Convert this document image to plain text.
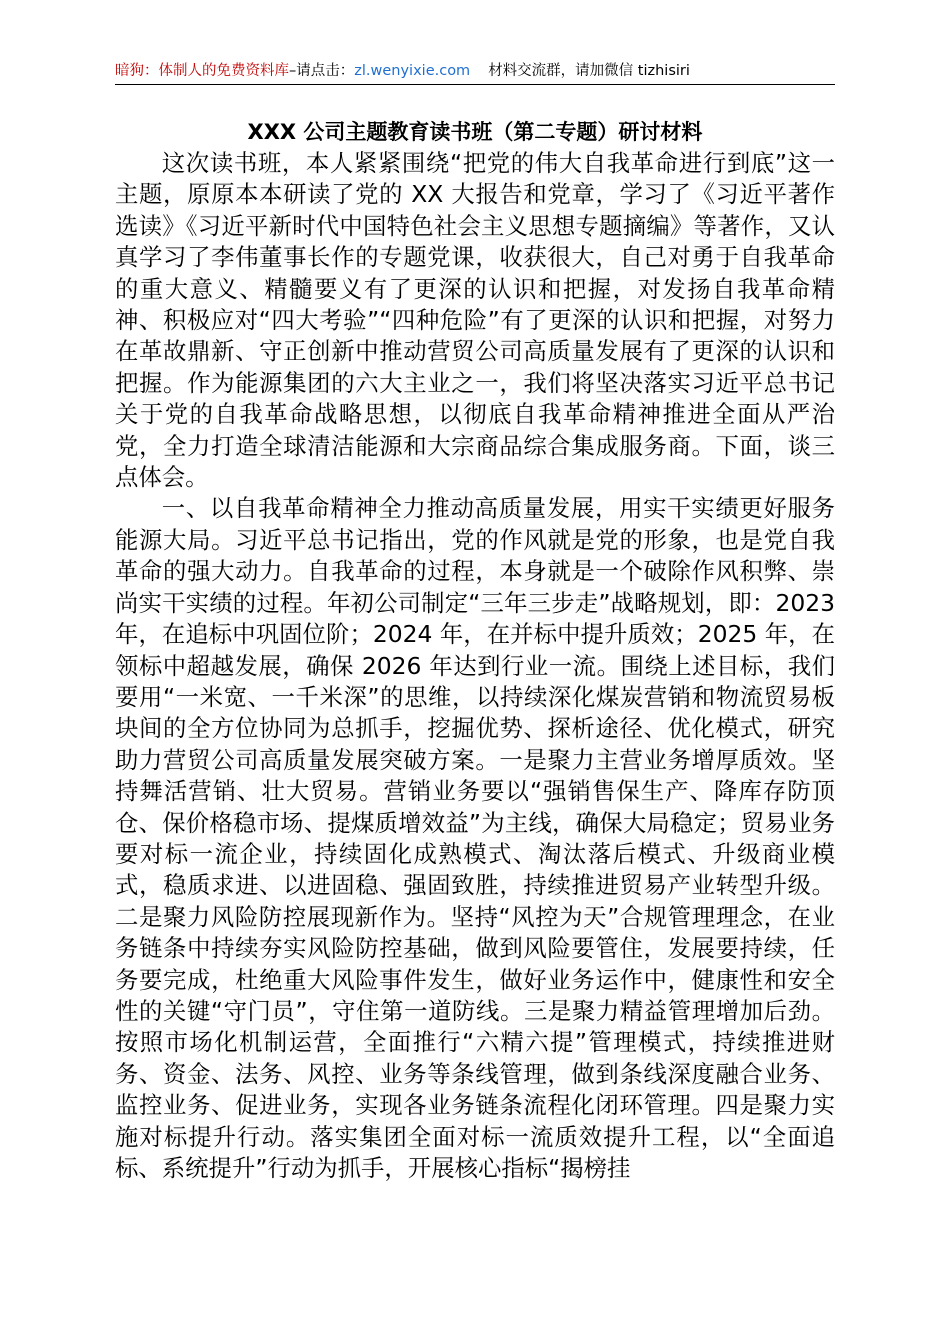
暗狗：体制人的免费资料库–请点击：zl.wenyixie.com 材料交流群，请加微信 tizhisiri
XXX 公司主题教育读书班（第二专题）研讨材料

这次读书班，本人紧紧围绕“把党的伟大自我革命进行到底”这一主题，原原本本研读了党的 XX 大报告和党章，学习了《习近平著作选读》《习近平新时代中国特色社会主义思想专题摘编》等著作，又认真学习了李伟董事长作的专题党课，收获很大，自己对勇于自我革命的重大意义、精髓要义有了更深的认识和把握，对发扬自我革命精神、积极应对“四大考验”“四种危险”有了更深的认识和把握，对努力在革故鼎新、守正创新中推动营贸公司高质量发展有了更深的认识和把握。作为能源集团的六大主业之一，我们将坚决落实习近平总书记关于党的自我革命战略思想，以彻底自我革命精神推进全面从严治党，全力打造全球清洁能源和大宗商品综合集成服务商。下面，谈三点体会。

一、以自我革命精神全力推动高质量发展，用实干实绩更好服务能源大局。习近平总书记指出，党的作风就是党的形象，也是党自我革命的强大动力。自我革命的过程，本身就是一个破除作风积弊、崇尚实干实绩的过程。年初公司制定“三年三步走”战略规划，即：2023 年，在追标中巩固位阶；2024 年，在并标中提升质效；2025 年，在领标中超越发展，确保 2026 年达到行业一流。围绕上述目标，我们要用“一米宽、一千米深”的思维，以持续深化煤炭营销和物流贸易板块间的全方位协同为总抓手，挖掘优势、探析途径、优化模式，研究助力营贸公司高质量发展突破方案。一是聚力主营业务增厚质效。坚持舞活营销、壮大贸易。营销业务要以“强销售保生产、降库存防顶仓、保价格稳市场、提煤质增效益”为主线，确保大局稳定；贸易业务要对标一流企业，持续固化成熟模式、淘汰落后模式、升级商业模式，稳质求进、以进固稳、强固致胜，持续推进贸易产业转型升级。二是聚力风险防控展现新作为。坚持“风控为天”合规管理理念，在业务链条中持续夯实风险防控基础，做到风险要管住，发展要持续，任务要完成，杜绝重大风险事件发生，做好业务运作中，健康性和安全性的关键“守门员”，守住第一道防线。三是聚力精益管理增加后劲。按照市场化机制运营，全面推行“六精六提”管理模式，持续推进财务、资金、法务、风控、业务等条线管理，做到条线深度融合业务、监控业务、促进业务，实现各业务链条流程化闭环管理。四是聚力实施对标提升行动。落实集团全面对标一流质效提升工程，以“全面追标、系统提升”行动为抓手，开展核心指标“揭榜挂
